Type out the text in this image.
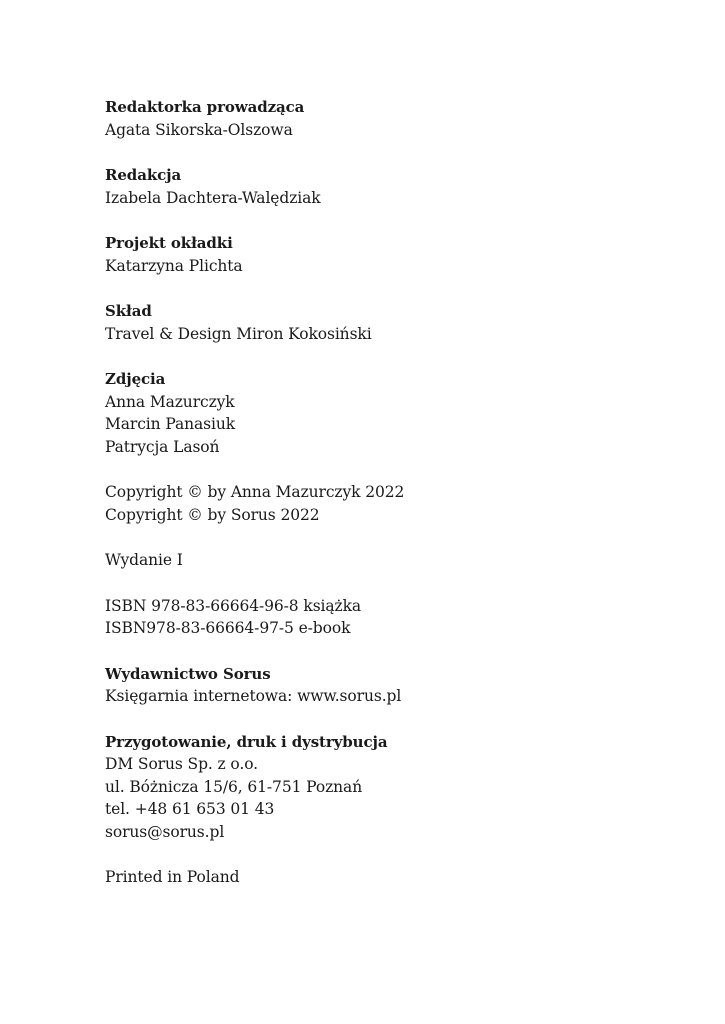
Redaktorka prowadząca
Agata Sikorska-Olszowa
Redakcja
Izabela Dachtera-Walędziak
Projekt okładki
Katarzyna Plichta
Skład
Travel & Design Miron Kokosiński
Zdjęcia
Anna Mazurczyk
Marcin Panasiuk
Patrycja Lasoń
Copyright © by Anna Mazurczyk 2022
Copyright © by Sorus 2022
Wydanie I
ISBN 978-83-66664-96-8 książka
ISBN978-83-66664-97-5 e-book
Wydawnictwo Sorus
Księgarnia internetowa: www.sorus.pl
Przygotowanie, druk i dystrybucja
DM Sorus Sp. z o.o.
ul. Bóżnicza 15/6, 61-751 Poznań
tel. +48 61 653 01 43
sorus@sorus.pl
Printed in Poland
